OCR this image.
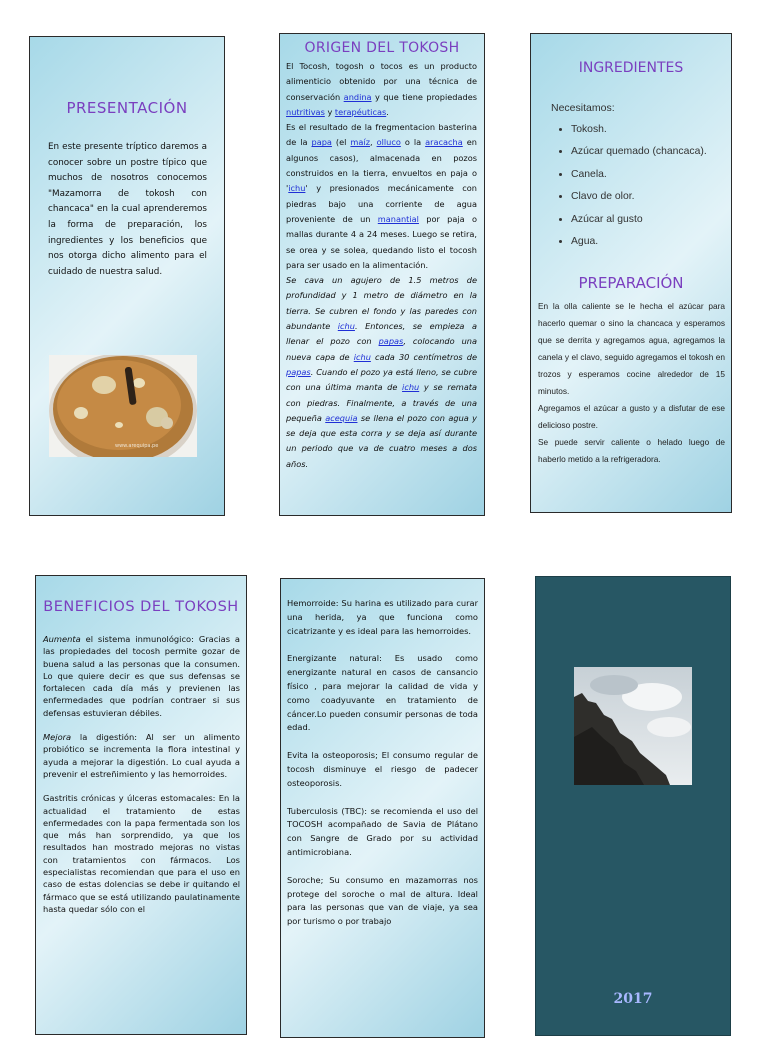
PRESENTACIÓN
En este presente tríptico daremos a conocer sobre un postre típico que muchos de nosotros conocemos "Mazamorra de tokosh con chancaca" en la cual aprenderemos la forma de preparación, los ingredientes y los beneficios que nos otorga dicho alimento para el cuidado de nuestra salud.
www.arequipa.pe
ORIGEN DEL TOKOSH
El Tocosh, togosh o tocos es un producto alimenticio obtenido por una técnica de conservación andina y que tiene propiedades nutritivas y terapéuticas.
Es el resultado de la fregmentacion basterina de la papa (el maíz, olluco o la aracacha en algunos casos), almacenada en pozos construidos en la tierra, envueltos en paja o 'ichu' y presionados mecánicamente con piedras bajo una corriente de agua proveniente de un manantial por paja o mallas durante 4 a 24 meses. Luego se retira, se orea y se solea, quedando listo el tocosh para ser usado en la alimentación.
Se cava un agujero de 1.5 metros de profundidad y 1 metro de diámetro en la tierra. Se cubren el fondo y las paredes con abundante ichu. Entonces, se empieza a llenar el pozo con papas, colocando una nueva capa de ichu cada 30 centímetros de papas. Cuando el pozo ya está lleno, se cubre con una última manta de ichu y se remata con piedras. Finalmente, a través de una pequeña acequia se llena el pozo con agua y se deja que esta corra y se deja así durante un periodo que va de cuatro meses a dos años.
INGREDIENTES
Necesitamos:
• Tokosh.
• Azúcar quemado (chancaca).
• Canela.
• Clavo de olor.
• Azúcar al gusto
• Agua.
PREPARACIÓN
En la olla caliente se le hecha el azúcar para hacerlo quemar o sino la chancaca y esperamos que se derrita y agregamos agua, agregamos la canela y el clavo, seguido agregamos el tokosh en trozos y esperamos cocine alrededor de 15 minutos.
Agregamos el azúcar a gusto y a disfutar de ese delicioso postre.
Se puede servir caliente o helado luego de haberlo metido a la refrigeradora.
BENEFICIOS DEL TOKOSH

Aumenta el sistema inmunológico: Gracias a las propiedades del tocosh permite gozar de buena salud a las personas que la consumen. Lo que quiere decir es que sus defensas se fortalecen cada día más y previenen las enfermedades que podrían contraer si sus defensas estuvieran débiles.

Mejora la digestión: Al ser un alimento probiótico se incrementa la flora intestinal y ayuda a mejorar la digestión. Lo cual ayuda a prevenir el estreñimiento y las hemorroides.

Gastritis crónicas y úlceras estomacales: En la actualidad el tratamiento de estas enfermedades con la papa fermentada son los que más han sorprendido, ya que los resultados han mostrado mejoras no vistas con tratamientos con fármacos. Los especialistas recomiendan que para el uso en caso de estas dolencias se debe ir quitando el fármaco que se está utilizando paulatinamente hasta quedar sólo con el

Hemorroide: Su harina es utilizado para curar una herida, ya que funciona como cicatrizante y es ideal para las hemorroides.

Energizante natural: Es usado como energizante natural en casos de cansancio físico , para mejorar la calidad de vida y como coadyuvante en tratamiento de cáncer.Lo pueden consumir personas de toda edad.

Evita la osteoporosis; El consumo regular de tocosh disminuye el riesgo de padecer osteoporosis.

Tuberculosis (TBC): se recomienda el uso del TOCOSH acompañado de Savia de Plátano con Sangre de Grado por su actividad antimicrobiana.

Soroche; Su consumo en mazamorras nos protege del soroche o mal de altura. Ideal para las personas que van de viaje, ya sea por turismo o por trabajo

2017
